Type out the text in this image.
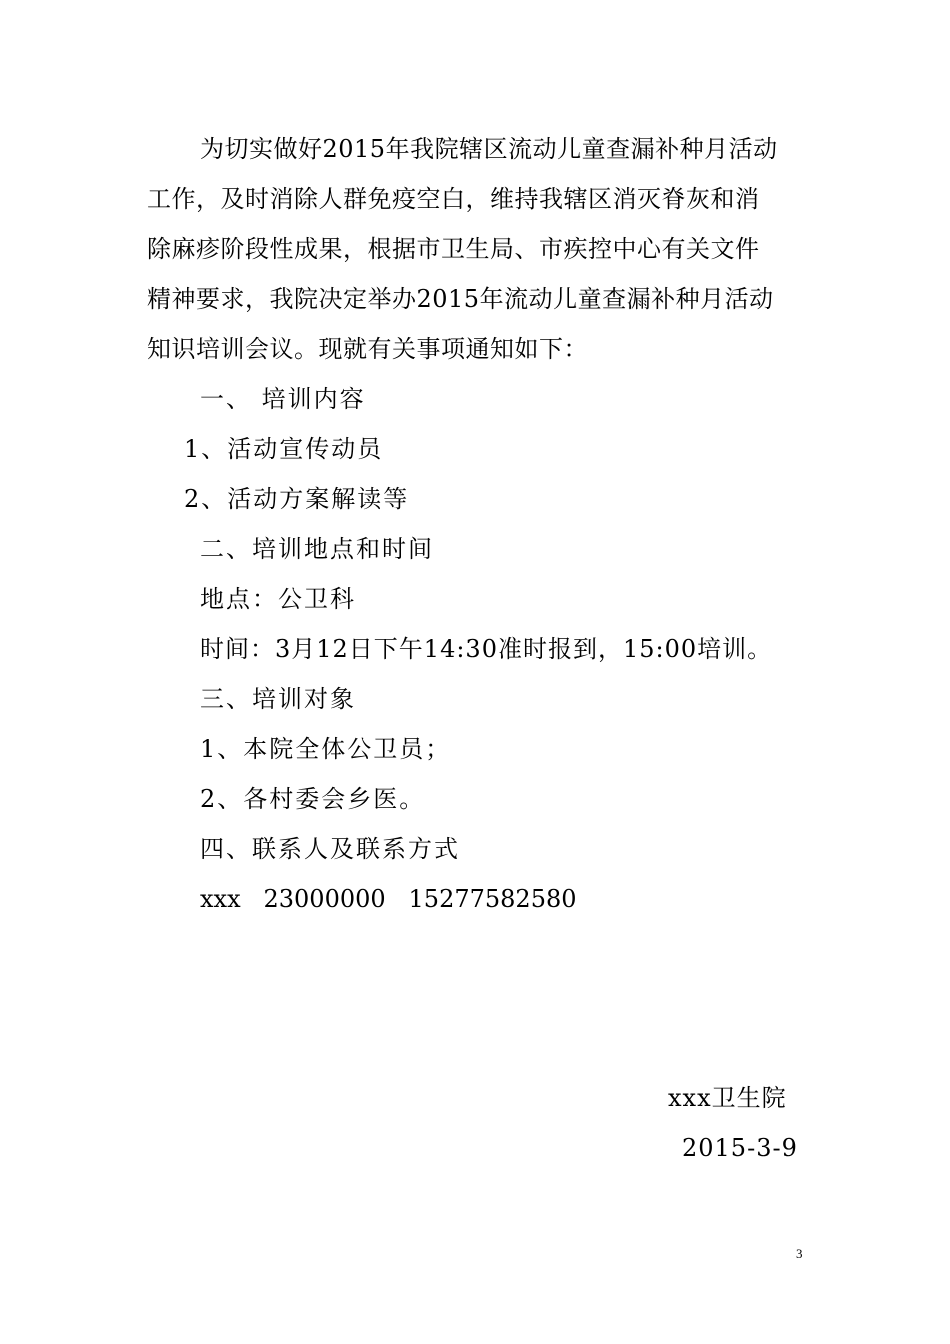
为切实做好2015年我院辖区流动儿童查漏补种月活动
工作，及时消除人群免疫空白，维持我辖区消灭脊灰和消
除麻疹阶段性成果，根据市卫生局、市疾控中心有关文件
精神要求，我院决定举办2015年流动儿童查漏补种月活动
知识培训会议。现就有关事项通知如下：
一、 培训内容
1、活动宣传动员
2、活动方案解读等
二、培训地点和时间
地点：公卫科
时间：3月12日下午14:30准时报到，15:00培训。
三、培训对象
1、本院全体公卫员；
2、各村委会乡医。
四、联系人及联系方式
xxx   23000000   15277582580
xxx卫生院
2015-3-9
3
